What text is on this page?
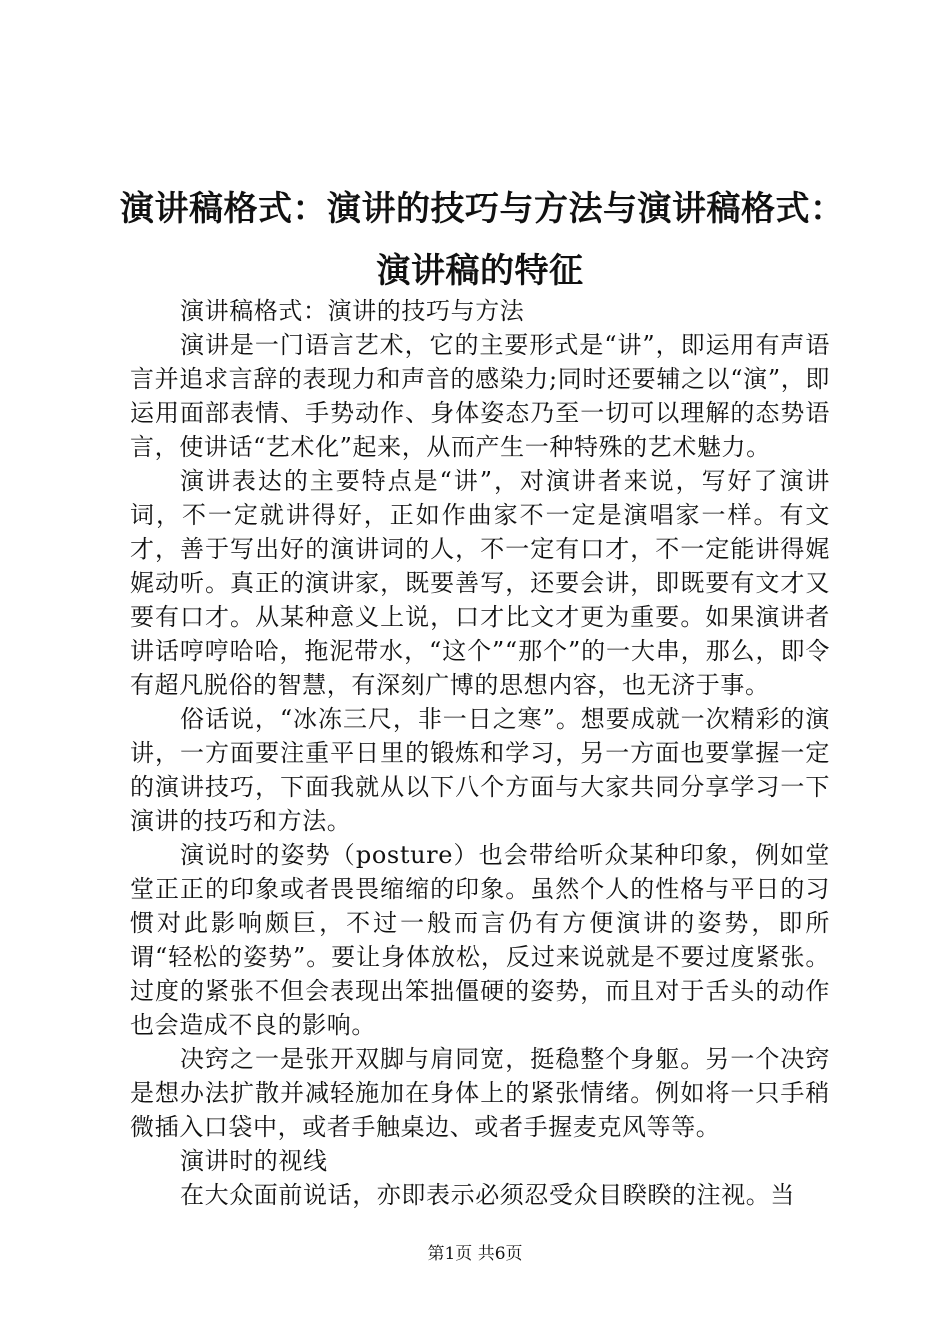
演讲稿格式：演讲的技巧与方法与演讲稿格式：
演讲稿的特征

演讲稿格式：演讲的技巧与方法

演讲是一门语言艺术，它的主要形式是“讲”，即运用有声语言并追求言辞的表现力和声音的感染力;同时还要辅之以“演”，即运用面部表情、手势动作、身体姿态乃至一切可以理解的态势语言，使讲话“艺术化”起来，从而产生一种特殊的艺术魅力。

演讲表达的主要特点是“讲”，对演讲者来说，写好了演讲词，不一定就讲得好，正如作曲家不一定是演唱家一样。有文才，善于写出好的演讲词的人，不一定有口才，不一定能讲得娓娓动听。真正的演讲家，既要善写，还要会讲，即既要有文才又要有口才。从某种意义上说，口才比文才更为重要。如果演讲者讲话哼哼哈哈，拖泥带水，“这个”“那个”的一大串，那么，即令有超凡脱俗的智慧，有深刻广博的思想内容，也无济于事。

俗话说，“冰冻三尺，非一日之寒”。想要成就一次精彩的演讲，一方面要注重平日里的锻炼和学习，另一方面也要掌握一定的演讲技巧，下面我就从以下八个方面与大家共同分享学习一下演讲的技巧和方法。

演说时的姿势（posture）也会带给听众某种印象，例如堂堂正正的印象或者畏畏缩缩的印象。虽然个人的性格与平日的习惯对此影响颇巨，不过一般而言仍有方便演讲的姿势，即所谓“轻松的姿势”。要让身体放松，反过来说就是不要过度紧张。过度的紧张不但会表现出笨拙僵硬的姿势，而且对于舌头的动作也会造成不良的影响。

决窍之一是张开双脚与肩同宽，挺稳整个身躯。另一个决窍是想办法扩散并减轻施加在身体上的紧张情绪。例如将一只手稍微插入口袋中，或者手触桌边、或者手握麦克风等等。

演讲时的视线

在大众面前说话，亦即表示必须忍受众目睽睽的注视。当

第1页 共6页
